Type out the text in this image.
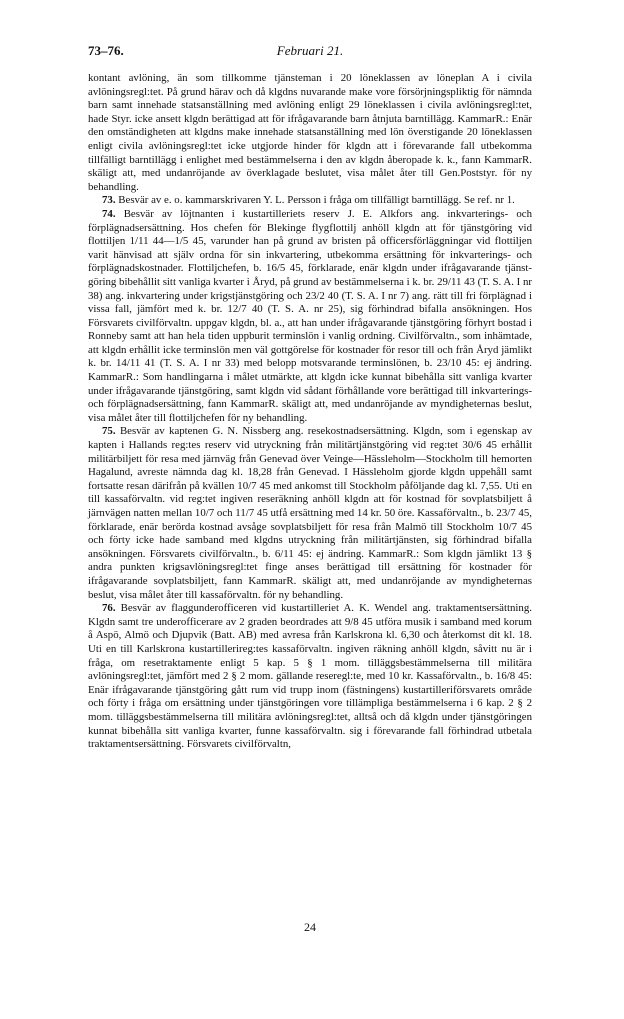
73–76.	Februari 21.

kontant avlöning, än som tillkomme tjänsteman i 20 löneklassen av löneplan A i civila avlöningsregl:tet. På grund härav och då klgdns nuvarande make vore försörjningspliktig för nämnda barn samt innehade statsanställning med avlöning enligt 29 löneklassen i civila avlöningsregl:tet, hade Styr. icke ansett klgdn berättigad att för ifrågavarande barn åtnjuta barntillägg. KammarR.: Enär den omständigheten att klgdns make innehade statsanställning med lön överstigande 20 löneklassen enligt civila avlöningsregl:tet icke utgjorde hinder för klgdn att i förevarande fall utbekomma tillfälligt barntillägg i enlighet med bestämmelserna i den av klgdn åberopade k. k., fann KammarR. skäligt att, med undanröjande av överklagade beslutet, visa målet åter till Gen.Poststyr. för ny behandling.

73. Besvär av e. o. kammarskrivaren Y. L. Persson i fråga om tillfälligt barntillägg. Se ref. nr 1.

74. Besvär av löjtnanten i kustartilleriets reserv J. E. Alkfors ang. inkvarterings- och förplägnadsersättning. Hos chefen för Blekinge flygflottilj anhöll klgdn att för tjänstgöring vid flottiljen 1/11 44—1/5 45, varunder han på grund av bristen på officersförläggningar vid flottiljen varit hänvisad att själv ordna för sin inkvartering, utbekomma ersättning för inkvarterings- och förplägnadskostnader. Flottiljchefen, b. 16/5 45, förklarade, enär klgdn under ifrågavarande tjänstgöring bibehållit sitt vanliga kvarter i Åryd, på grund av bestämmelserna i k. br. 29/11 43 (T. S. A. I nr 38) ang. inkvartering under krigstjänstgöring och 23/2 40 (T. S. A. I nr 7) ang. rätt till fri förplägnad i vissa fall, jämfört med k. br. 12/7 40 (T. S. A. nr 25), sig förhindrad bifalla ansökningen. Hos Försvarets civilförvaltn. uppgav klgdn, bl. a., att han under ifrågavarande tjänstgöring förhyrt bostad i Ronneby samt att han hela tiden uppburit terminslön i vanlig ordning. Civilförvaltn., som inhämtade, att klgdn erhållit icke terminslön men väl gottgörelse för kostnader för resor till och från Åryd jämlikt k. br. 14/11 41 (T. S. A. I nr 33) med belopp motsvarande terminslönen, b. 23/10 45: ej ändring. KammarR.: Som handlingarna i målet utmärkte, att klgdn icke kunnat bibehålla sitt vanliga kvarter under ifrågavarande tjänstgöring, samt klgdn vid sådant förhållande vore berättigad till inkvarterings- och förplägnadsersättning, fann KammarR. skäligt att, med undanröjande av myndigheternas beslut, visa målet åter till flottiljchefen för ny behandling.

75. Besvär av kaptenen G. N. Nissberg ang. resekostnadsersättning. Klgdn, som i egenskap av kapten i Hallands reg:tes reserv vid utryckning från militärtjänstgöring vid reg:tet 30/6 45 erhållit militärbiljett för resa med järnväg från Genevad över Veinge—Hässleholm—Stockholm till hemorten Hagalund, avreste nämnda dag kl. 18,28 från Genevad. I Hässleholm gjorde klgdn uppehåll samt fortsatte resan därifrån på kvällen 10/7 45 med ankomst till Stockholm påföljande dag kl. 7,55. Uti en till kassaförvaltn. vid reg:tet ingiven reseräkning anhöll klgdn att för kostnad för sovplatsbiljett å järnvägen natten mellan 10/7 och 11/7 45 utfå ersättning med 14 kr. 50 öre. Kassaförvaltn., b. 23/7 45, förklarade, enär berörda kostnad avsåge sovplatsbiljett för resa från Malmö till Stockholm 10/7 45 och förty icke hade samband med klgdns utryckning från militärtjänsten, sig förhindrad bifalla ansökningen. Försvarets civilförvaltn., b. 6/11 45: ej ändring. KammarR.: Som klgdn jämlikt 13 § andra punkten krigsavlöningsregl:tet finge anses berättigad till ersättning för kostnader för ifrågavarande sovplatsbiljett, fann KammarR. skäligt att, med undanröjande av myndigheternas beslut, visa målet åter till kassaförvaltn. för ny behandling.

76. Besvär av flaggunderofficeren vid kustartilleriet A. K. Wendel ang. traktamentsersättning. Klgdn samt tre underofficerare av 2 graden beordrades att 9/8 45 utföra musik i samband med korum å Aspö, Almö och Djupvik (Batt. AB) med avresa från Karlskrona kl. 6,30 och återkomst dit kl. 18. Uti en till Karlskrona kustartillerireg:tes kassaförvaltn. ingiven räkning anhöll klgdn, såvitt nu är i fråga, om resetraktamente enligt 5 kap. 5 § 1 mom. tilläggsbestämmelserna till militära avlöningsregl:tet, jämfört med 2 § 2 mom. gällande reseregl:te, med 10 kr. Kassaförvaltn., b. 16/8 45: Enär ifrågavarande tjänstgöring gått rum vid trupp inom (fästningens) kustartilleriförsvarets område och förty i fråga om ersättning under tjänstgöringen vore tillämpliga bestämmelserna i 6 kap. 2 § 2 mom. tilläggsbestämmelserna till militära avlöningsregl:tet, alltså och då klgdn under tjänstgöringen kunnat bibehålla sitt vanliga kvarter, funne kassaförvaltn. sig i förevarande fall förhindrad utbetala traktamentsersättning. Försvarets civilförvaltn,

24
